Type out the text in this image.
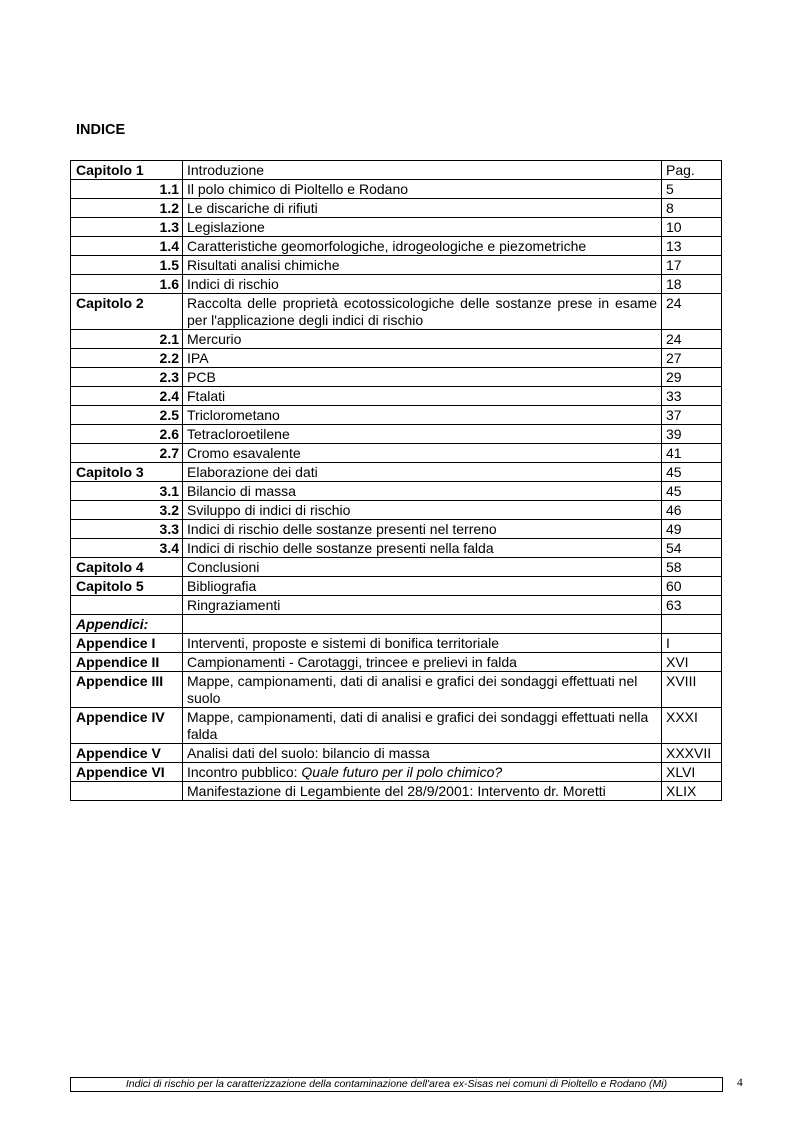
INDICE
Capitolo 1	Introduzione	Pag.
1.1	Il polo chimico di Pioltello e Rodano	5
1.2	Le discariche di rifiuti	8
1.3	Legislazione	10
1.4	Caratteristiche geomorfologiche, idrogeologiche e piezometriche	13
1.5	Risultati analisi chimiche	17
1.6	Indici di rischio	18
Capitolo 2	Raccolta delle proprietà ecotossicologiche delle sostanze prese in esame per l'applicazione degli indici di rischio	24
2.1	Mercurio	24
2.2	IPA	27
2.3	PCB	29
2.4	Ftalati	33
2.5	Triclorometano	37
2.6	Tetracloroetilene	39
2.7	Cromo esavalente	41
Capitolo 3	Elaborazione dei dati	45
3.1	Bilancio di massa	45
3.2	Sviluppo di indici di rischio	46
3.3	Indici di rischio delle sostanze presenti nel terreno	49
3.4	Indici di rischio delle sostanze presenti nella falda	54
Capitolo 4	Conclusioni	58
Capitolo 5	Bibliografia	60
	Ringraziamenti	63
Appendici:		
Appendice I	Interventi, proposte e sistemi di bonifica territoriale	I
Appendice II	Campionamenti - Carotaggi, trincee e prelievi in falda	XVI
Appendice III	Mappe, campionamenti, dati di analisi e grafici dei sondaggi effettuati nel suolo	XVIII
Appendice IV	Mappe, campionamenti, dati di analisi e grafici dei sondaggi effettuati nella falda	XXXI
Appendice V	Analisi dati del suolo: bilancio di massa	XXXVII
Appendice VI	Incontro pubblico: Quale futuro per il polo chimico?	XLVI
	Manifestazione di Legambiente del 28/9/2001: Intervento dr. Moretti	XLIX
Indici di rischio per la caratterizzazione della contaminazione dell'area ex-Sisas nei comuni di Pioltello e Rodano (Mi)	4
